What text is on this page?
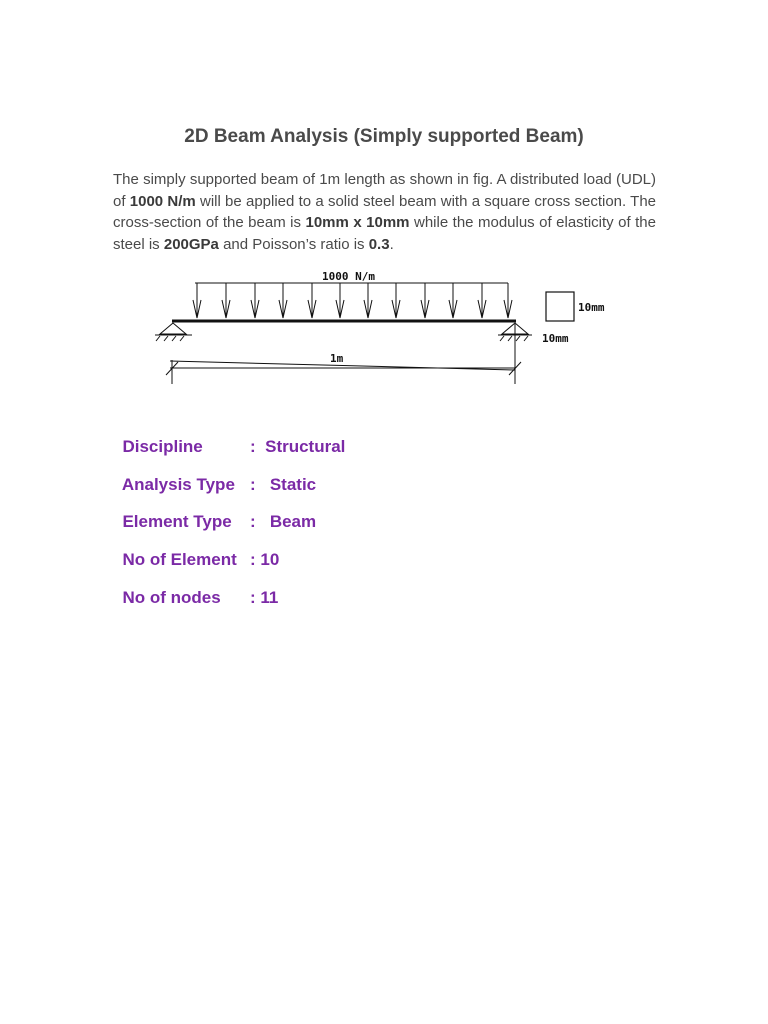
2D Beam Analysis (Simply supported Beam)

The simply supported beam of 1m length as shown in fig. A distributed load (UDL) of 1000 N/m will be applied to a solid steel beam with a square cross section. The cross-section of the beam is 10mm x 10mm while the modulus of elasticity of the steel is 200GPa and Poisson’s ratio is 0.3.

1000 N/m
1m
10mm
10mm

Discipline	:  Structural

Analysis Type :   Static

Element Type :   Beam

No of Element : 10

No of nodes : 11
